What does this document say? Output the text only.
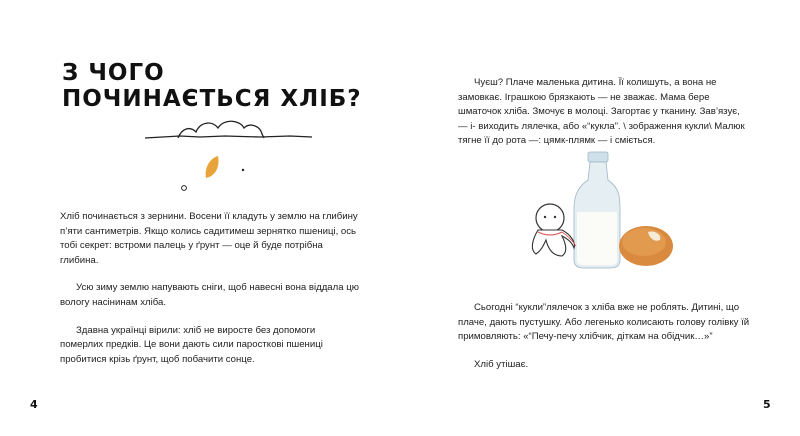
З ЧОГО ПОЧИНАЄТЬСЯ ХЛІБ?

Хліб починається з зернини. Восени її кладуть у землю на глибину п’яти сантиметрів. Якщо колись садитимеш зернятко пшениці, ось тобі секрет: встроми палець у ґрунт — оце й буде потрібна глибина.

Усю зиму землю напувають сніги, щоб навесні вона віддала цю вологу насінинам хліба.

Здавна українці вірили: хліб не виросте без допомоги померлих предків. Це вони дають сили паросткові пшениці пробитися крізь ґрунт, щоб побачити сонце.

4

Чуєш? Плаче маленька дитина. Її колишуть, а вона не замовкає. Іграшкою брязкають — не зважає. Мама бере шматочок хліба. Змочує в молоці. Загортає у тканину. Зав’язує, — і- виходить лялечка, або «“кукла”. \ зображення кукли\ Малюк тягне її до рота —: цямк-плямк — і сміється.

Сьогодні “кукли”лялечок з хліба вже не роблять. Дитині, що плаче, дають пустушку. Або легенько колисають голову голівку їй примовляють: «“Печу-печу хлібчик, діткам на обідчик…»”

Хліб утішає.

5
